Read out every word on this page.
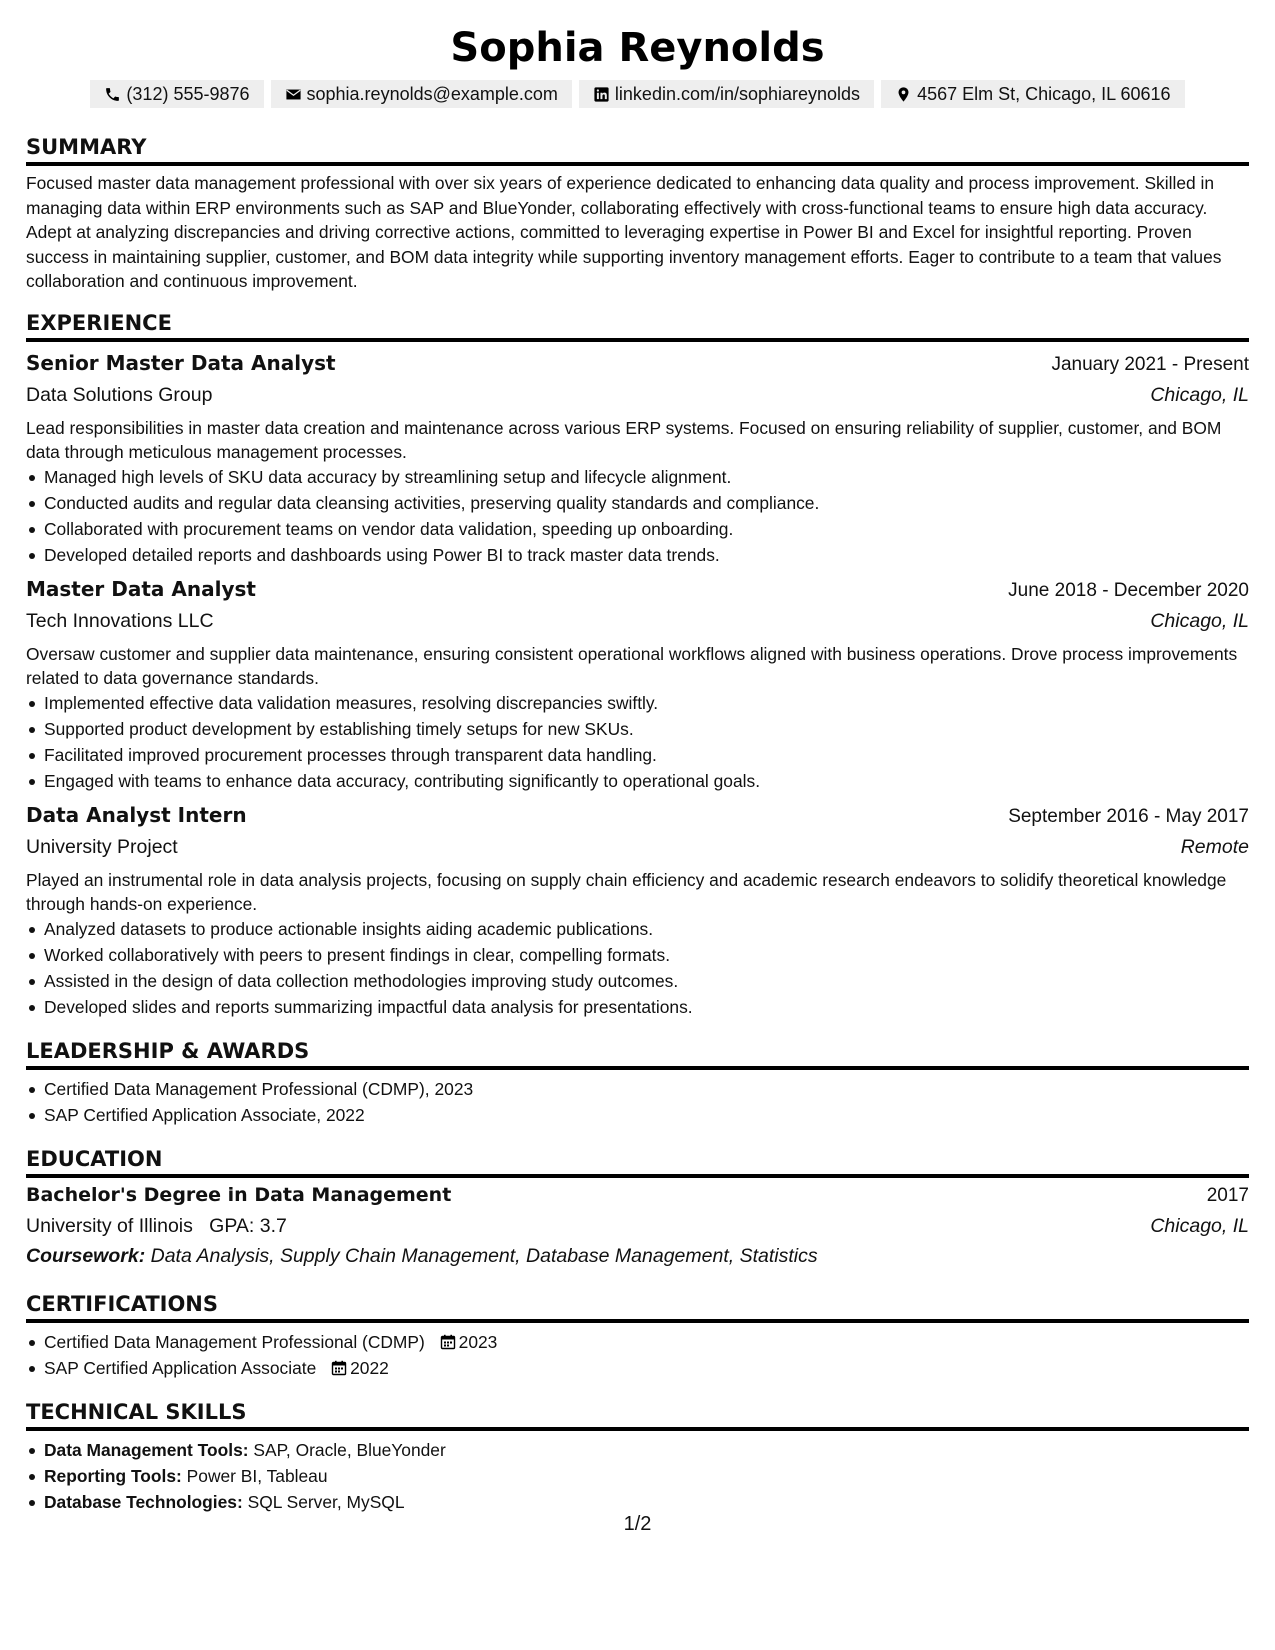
Sophia Reynolds
(312) 555-9876	sophia.reynolds@example.com	linkedin.com/in/sophiareynolds	4567 Elm St, Chicago, IL 60616
SUMMARY
Focused master data management professional with over six years of experience dedicated to enhancing data quality and process improvement. Skilled in managing data within ERP environments such as SAP and BlueYonder, collaborating effectively with cross-functional teams to ensure high data accuracy. Adept at analyzing discrepancies and driving corrective actions, committed to leveraging expertise in Power BI and Excel for insightful reporting. Proven success in maintaining supplier, customer, and BOM data integrity while supporting inventory management efforts. Eager to contribute to a team that values collaboration and continuous improvement.
EXPERIENCE
Senior Master Data Analyst	January 2021 - Present
Data Solutions Group	Chicago, IL
Lead responsibilities in master data creation and maintenance across various ERP systems. Focused on ensuring reliability of supplier, customer, and BOM data through meticulous management processes.
Managed high levels of SKU data accuracy by streamlining setup and lifecycle alignment.
Conducted audits and regular data cleansing activities, preserving quality standards and compliance.
Collaborated with procurement teams on vendor data validation, speeding up onboarding.
Developed detailed reports and dashboards using Power BI to track master data trends.
Master Data Analyst	June 2018 - December 2020
Tech Innovations LLC	Chicago, IL
Oversaw customer and supplier data maintenance, ensuring consistent operational workflows aligned with business operations. Drove process improvements related to data governance standards.
Implemented effective data validation measures, resolving discrepancies swiftly.
Supported product development by establishing timely setups for new SKUs.
Facilitated improved procurement processes through transparent data handling.
Engaged with teams to enhance data accuracy, contributing significantly to operational goals.
Data Analyst Intern	September 2016 - May 2017
University Project	Remote
Played an instrumental role in data analysis projects, focusing on supply chain efficiency and academic research endeavors to solidify theoretical knowledge through hands-on experience.
Analyzed datasets to produce actionable insights aiding academic publications.
Worked collaboratively with peers to present findings in clear, compelling formats.
Assisted in the design of data collection methodologies improving study outcomes.
Developed slides and reports summarizing impactful data analysis for presentations.
LEADERSHIP & AWARDS
Certified Data Management Professional (CDMP), 2023
SAP Certified Application Associate, 2022
EDUCATION
Bachelor's Degree in Data Management	2017
University of Illinois GPA: 3.7	Chicago, IL
Coursework: Data Analysis, Supply Chain Management, Database Management, Statistics
CERTIFICATIONS
Certified Data Management Professional (CDMP) 2023
SAP Certified Application Associate 2022
TECHNICAL SKILLS
Data Management Tools: SAP, Oracle, BlueYonder
Reporting Tools: Power BI, Tableau
Database Technologies: SQL Server, MySQL
1/2
